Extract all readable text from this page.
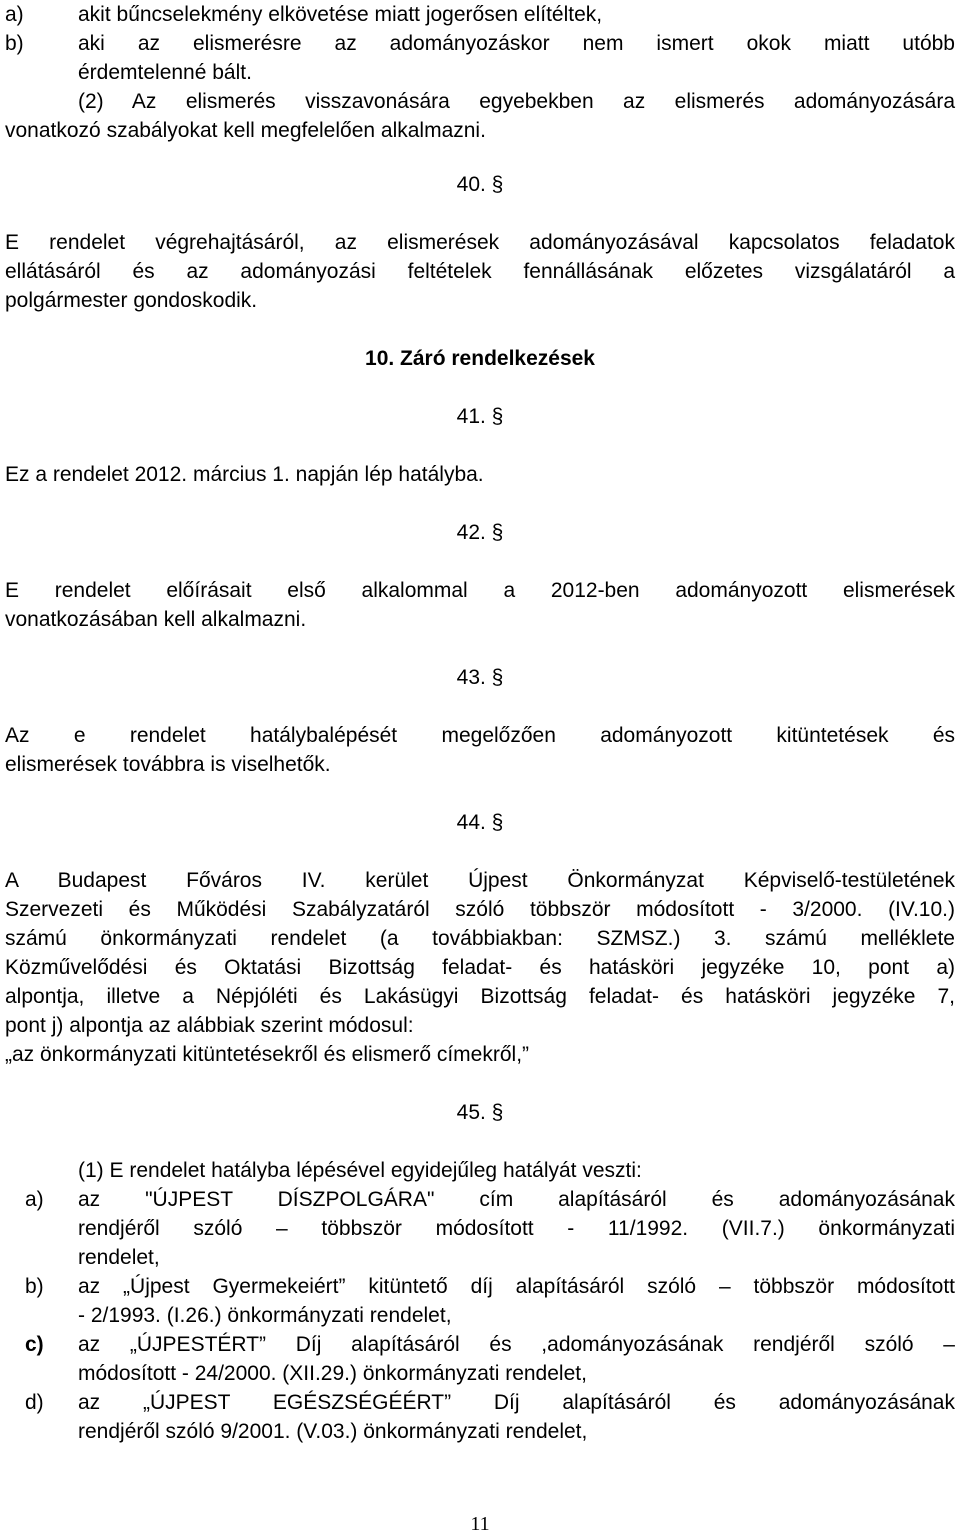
a)	akit bűncselekmény elkövetése miatt jogerősen elítéltek,
b)	aki az elismerésre az adományozáskor nem ismert okok miatt utóbb
érdemtelenné bált.
(2) Az elismerés visszavonására egyebekben az elismerés adományozására
vonatkozó szabályokat kell megfelelően alkalmazni.
40. §
E rendelet végrehajtásáról, az elismerések adományozásával kapcsolatos feladatok
ellátásáról és az adományozási feltételek fennállásának előzetes vizsgálatáról a
polgármester gondoskodik.
10. Záró rendelkezések
41. §
Ez a rendelet 2012. március 1. napján lép hatályba.
42. §
E rendelet előírásait első alkalommal a 2012-ben adományozott elismerések
vonatkozásában kell alkalmazni.
43. §
Az e rendelet hatálybalépését megelőzően adományozott kitüntetések és
elismerések továbbra is viselhetők.
44. §
A Budapest Főváros IV. kerület Újpest Önkormányzat Képviselő-testületének
Szervezeti és Működési Szabályzatáról szóló többször módosított - 3/2000. (IV.10.)
számú önkormányzati rendelet (a továbbiakban: SZMSZ.) 3. számú melléklete
Közművelődési és Oktatási Bizottság feladat- és hatásköri jegyzéke 10, pont a)
alpontja, illetve a Népjóléti és Lakásügyi Bizottság feladat- és hatásköri jegyzéke 7,
pont j) alpontja az alábbiak szerint módosul:
„az önkormányzati kitüntetésekről és elismerő címekről,”
45. §
(1) E rendelet hatályba lépésével egyidejűleg hatályát veszti:
a)	az "ÚJPEST DÍSZPOLGÁRA" cím alapításáról és adományozásának
rendjéről szóló – többször módosított - 11/1992. (VII.7.) önkormányzati
rendelet,
b)	az „Újpest Gyermekeiért” kitüntető díj alapításáról szóló – többször módosított
- 2/1993. (I.26.) önkormányzati rendelet,
c)	az „ÚJPESTÉRT” Díj alapításáról és ,adományozásának rendjéről szóló –
módosított - 24/2000. (XII.29.) önkormányzati rendelet,
d)	az „ÚJPEST EGÉSZSÉGÉÉRT” Díj alapításáról és adományozásának
rendjéről szóló 9/2001. (V.03.) önkormányzati rendelet,
11
